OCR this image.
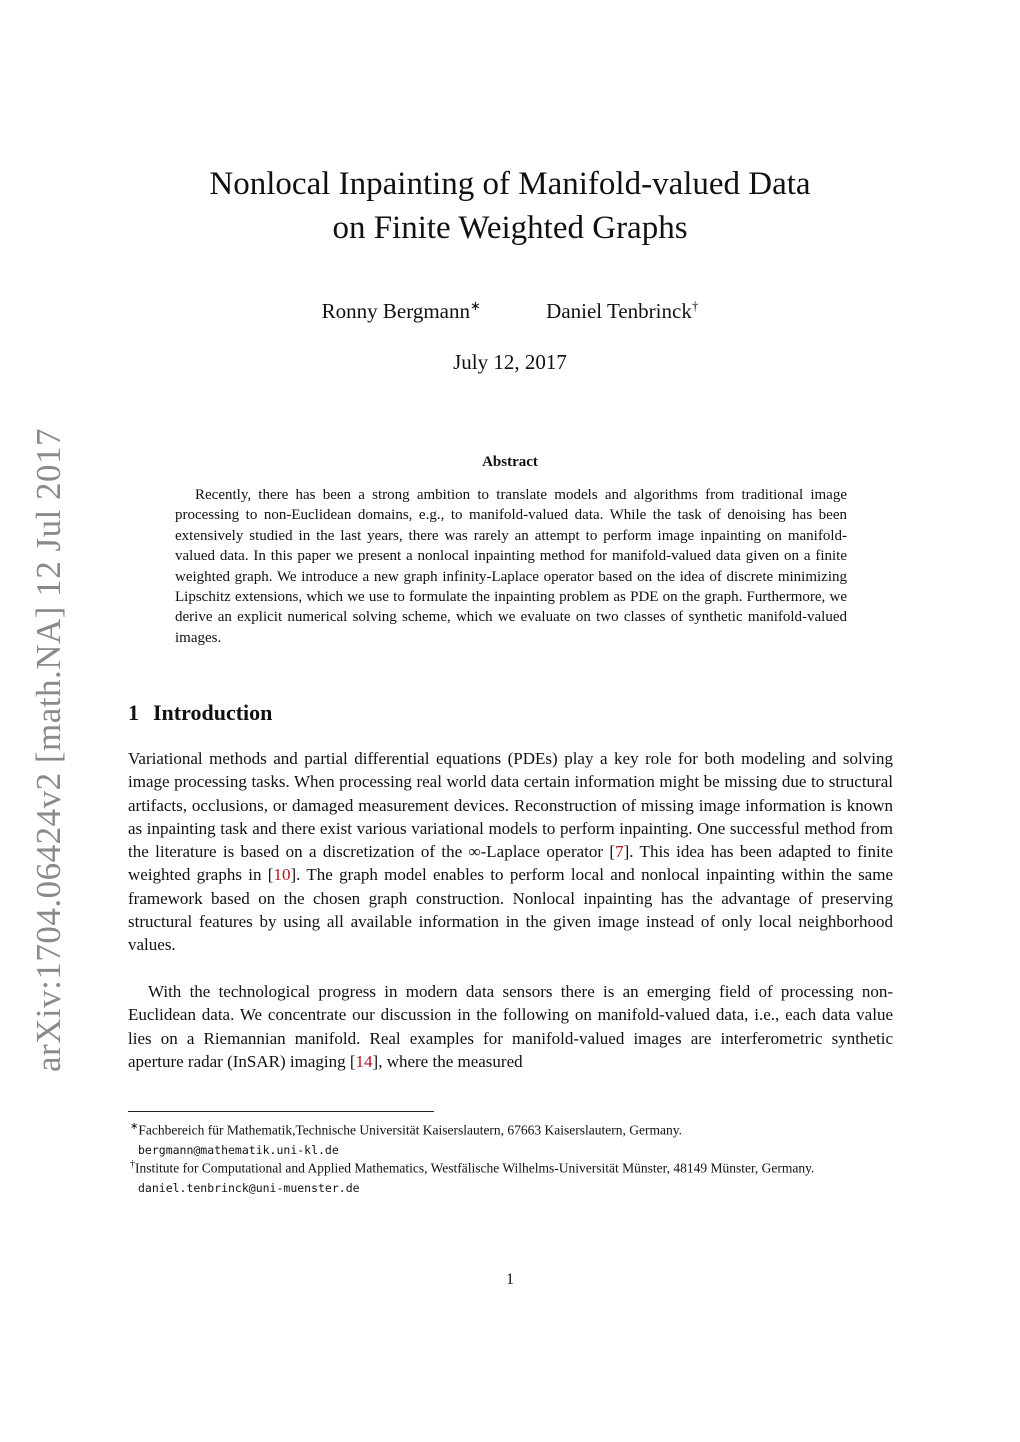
arXiv:1704.06424v2 [math.NA] 12 Jul 2017
Nonlocal Inpainting of Manifold-valued Data
on Finite Weighted Graphs
Ronny Bergmann∗	Daniel Tenbrinck†
July 12, 2017
Abstract

Recently, there has been a strong ambition to translate models and algorithms from traditional image processing to non-Euclidean domains, e.g., to manifold-valued data. While the task of denoising has been extensively studied in the last years, there was rarely an attempt to perform image inpainting on manifold-valued data. In this paper we present a nonlocal inpainting method for manifold-valued data given on a finite weighted graph. We introduce a new graph infinity-Laplace operator based on the idea of discrete minimizing Lipschitz extensions, which we use to formulate the inpainting problem as PDE on the graph. Furthermore, we derive an explicit numerical solving scheme, which we evaluate on two classes of synthetic manifold-valued images.

1 Introduction

Variational methods and partial differential equations (PDEs) play a key role for both modeling and solving image processing tasks. When processing real world data certain information might be missing due to structural artifacts, occlusions, or damaged measurement devices. Reconstruction of missing image information is known as inpainting task and there exist various variational models to perform inpainting. One successful method from the literature is based on a discretization of the ∞-Laplace operator [7]. This idea has been adapted to finite weighted graphs in [10]. The graph model enables to perform local and nonlocal inpainting within the same framework based on the chosen graph construction. Nonlocal inpainting has the advantage of preserving structural features by using all available information in the given image instead of only local neighborhood values.

With the technological progress in modern data sensors there is an emerging field of processing non-Euclidean data. We concentrate our discussion in the following on manifold-valued data, i.e., each data value lies on a Riemannian manifold. Real examples for manifold-valued images are interferometric synthetic aperture radar (InSAR) imaging [14], where the measured

∗Fachbereich für Mathematik,Technische Universität Kaiserslautern, 67663 Kaiserslautern, Germany.
bergmann@mathematik.uni-kl.de
†Institute for Computational and Applied Mathematics, Westfälische Wilhelms-Universität Münster, 48149 Münster, Germany.
daniel.tenbrinck@uni-muenster.de
1
